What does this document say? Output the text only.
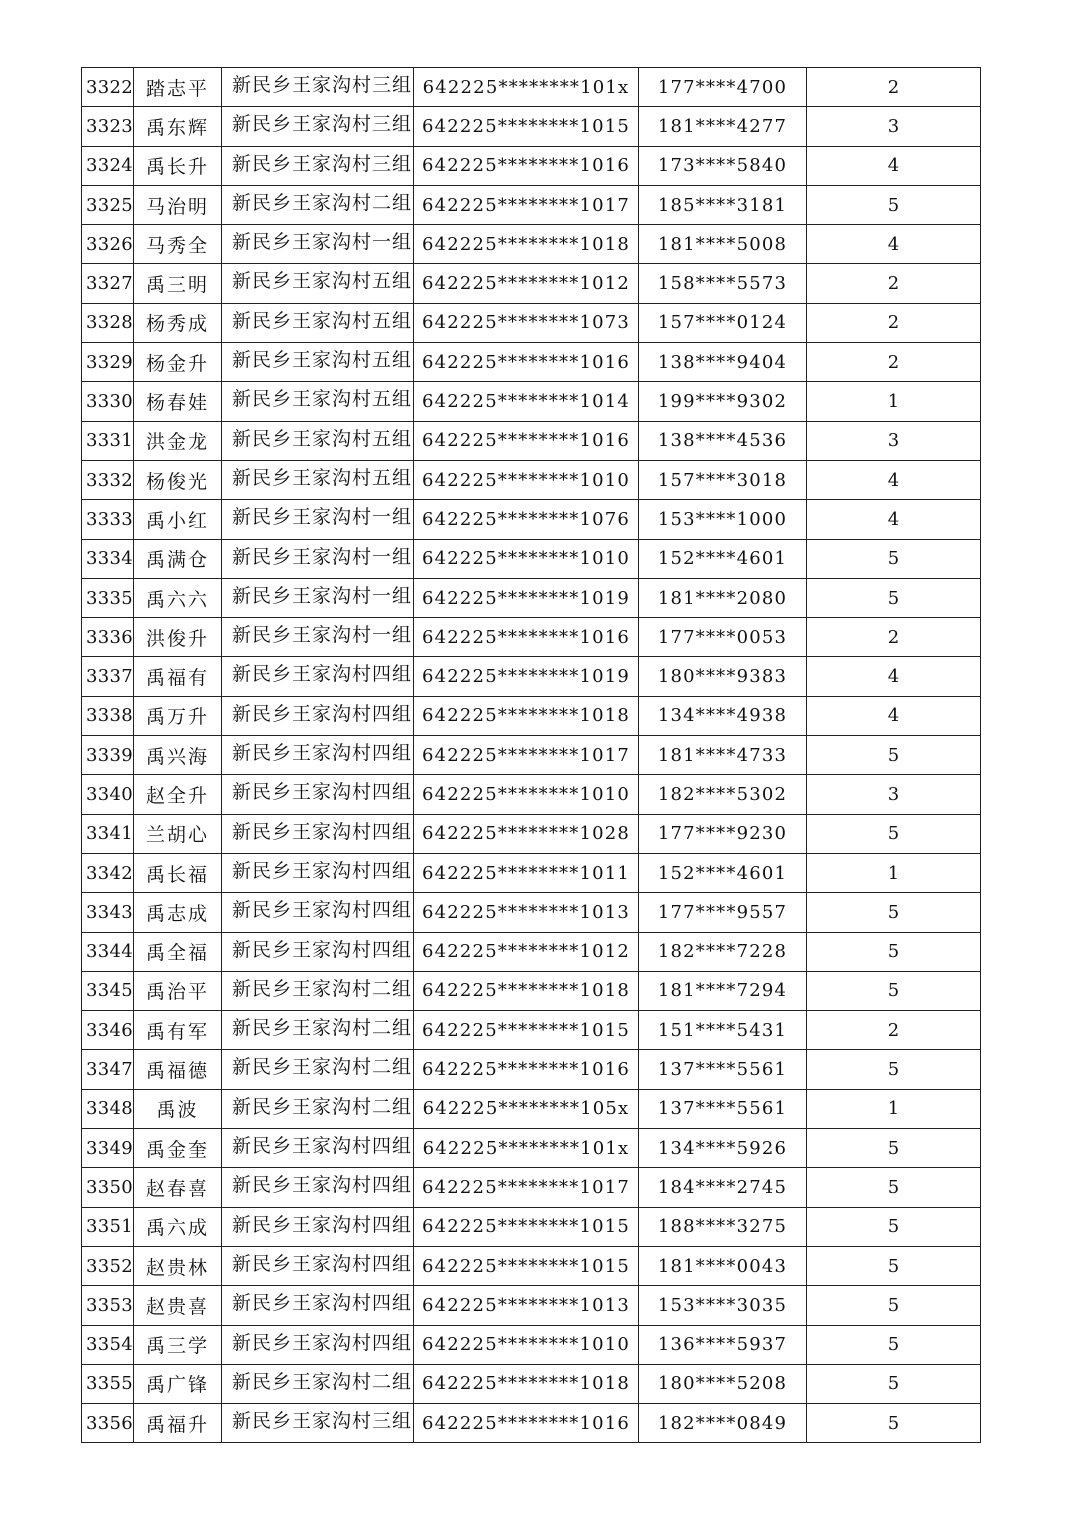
3322	踏志平	新民乡王家沟村三组	642225********101x	177****4700	2
3323	禹东辉	新民乡王家沟村三组	642225********1015	181****4277	3
3324	禹长升	新民乡王家沟村三组	642225********1016	173****5840	4
3325	马治明	新民乡王家沟村二组	642225********1017	185****3181	5
3326	马秀全	新民乡王家沟村一组	642225********1018	181****5008	4
3327	禹三明	新民乡王家沟村五组	642225********1012	158****5573	2
3328	杨秀成	新民乡王家沟村五组	642225********1073	157****0124	2
3329	杨金升	新民乡王家沟村五组	642225********1016	138****9404	2
3330	杨春娃	新民乡王家沟村五组	642225********1014	199****9302	1
3331	洪金龙	新民乡王家沟村五组	642225********1016	138****4536	3
3332	杨俊光	新民乡王家沟村五组	642225********1010	157****3018	4
3333	禹小红	新民乡王家沟村一组	642225********1076	153****1000	4
3334	禹满仓	新民乡王家沟村一组	642225********1010	152****4601	5
3335	禹六六	新民乡王家沟村一组	642225********1019	181****2080	5
3336	洪俊升	新民乡王家沟村一组	642225********1016	177****0053	2
3337	禹福有	新民乡王家沟村四组	642225********1019	180****9383	4
3338	禹万升	新民乡王家沟村四组	642225********1018	134****4938	4
3339	禹兴海	新民乡王家沟村四组	642225********1017	181****4733	5
3340	赵全升	新民乡王家沟村四组	642225********1010	182****5302	3
3341	兰胡心	新民乡王家沟村四组	642225********1028	177****9230	5
3342	禹长福	新民乡王家沟村四组	642225********1011	152****4601	1
3343	禹志成	新民乡王家沟村四组	642225********1013	177****9557	5
3344	禹全福	新民乡王家沟村四组	642225********1012	182****7228	5
3345	禹治平	新民乡王家沟村二组	642225********1018	181****7294	5
3346	禹有军	新民乡王家沟村二组	642225********1015	151****5431	2
3347	禹福德	新民乡王家沟村二组	642225********1016	137****5561	5
3348	禹波	新民乡王家沟村二组	642225********105x	137****5561	1
3349	禹金奎	新民乡王家沟村四组	642225********101x	134****5926	5
3350	赵春喜	新民乡王家沟村四组	642225********1017	184****2745	5
3351	禹六成	新民乡王家沟村四组	642225********1015	188****3275	5
3352	赵贵林	新民乡王家沟村四组	642225********1015	181****0043	5
3353	赵贵喜	新民乡王家沟村四组	642225********1013	153****3035	5
3354	禹三学	新民乡王家沟村四组	642225********1010	136****5937	5
3355	禹广锋	新民乡王家沟村二组	642225********1018	180****5208	5
3356	禹福升	新民乡王家沟村三组	642225********1016	182****0849	5
